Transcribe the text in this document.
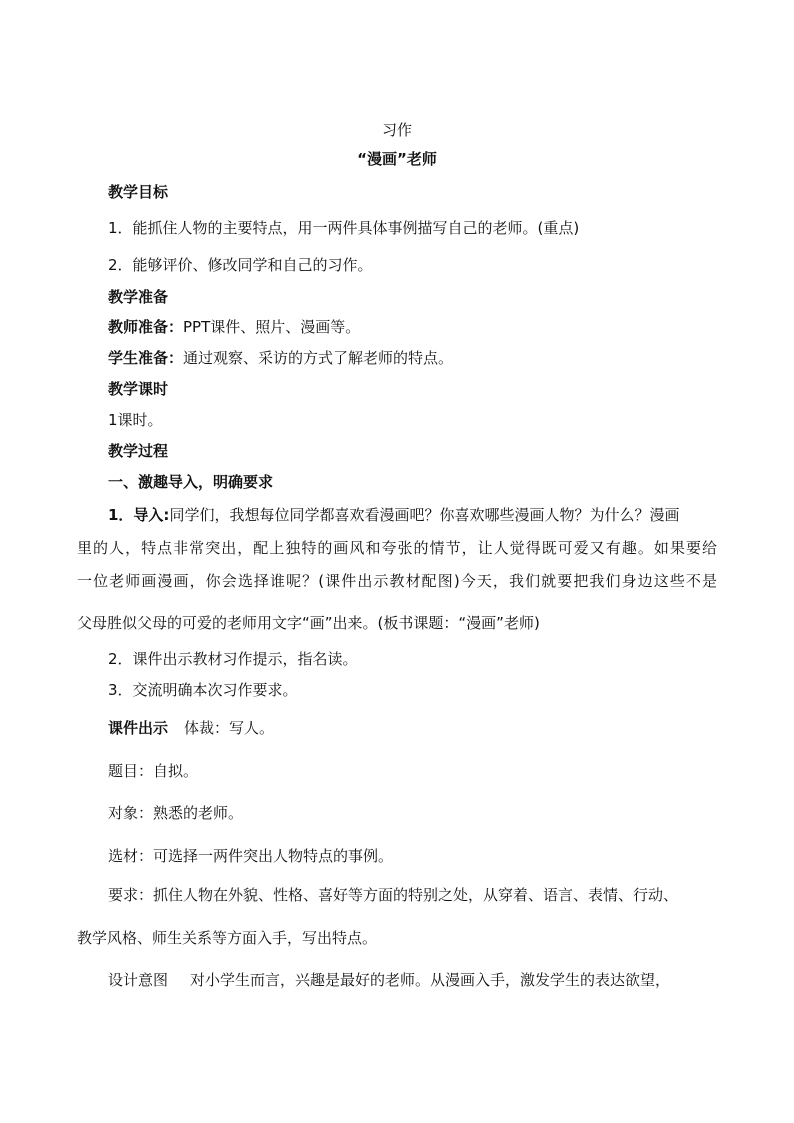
习作
“漫画”老师
教学目标
1．能抓住人物的主要特点，用一两件具体事例描写自己的老师。(重点)
2．能够评价、修改同学和自己的习作。
教学准备
教师准备：PPT课件、照片、漫画等。
学生准备：通过观察、采访的方式了解老师的特点。
教学课时
1课时。
教学过程
一、激趣导入，明确要求
1．导入:同学们，我想每位同学都喜欢看漫画吧？你喜欢哪些漫画人物？为什么？漫画
里的人，特点非常突出，配上独特的画风和夸张的情节，让人觉得既可爱又有趣。如果要给
一位老师画漫画，你会选择谁呢？(课件出示教材配图)今天，我们就要把我们身边这些不是
父母胜似父母的可爱的老师用文字“画”出来。(板书课题：“漫画”老师)
2．课件出示教材习作提示，指名读。
3．交流明确本次习作要求。
课件出示 体裁：写人。
题目：自拟。
对象：熟悉的老师。
选材：可选择一两件突出人物特点的事例。
要求：抓住人物在外貌、性格、喜好等方面的特别之处，从穿着、语言、表情、行动、
教学风格、师生关系等方面入手，写出特点。
设计意图 对小学生而言，兴趣是最好的老师。从漫画入手，激发学生的表达欲望，
